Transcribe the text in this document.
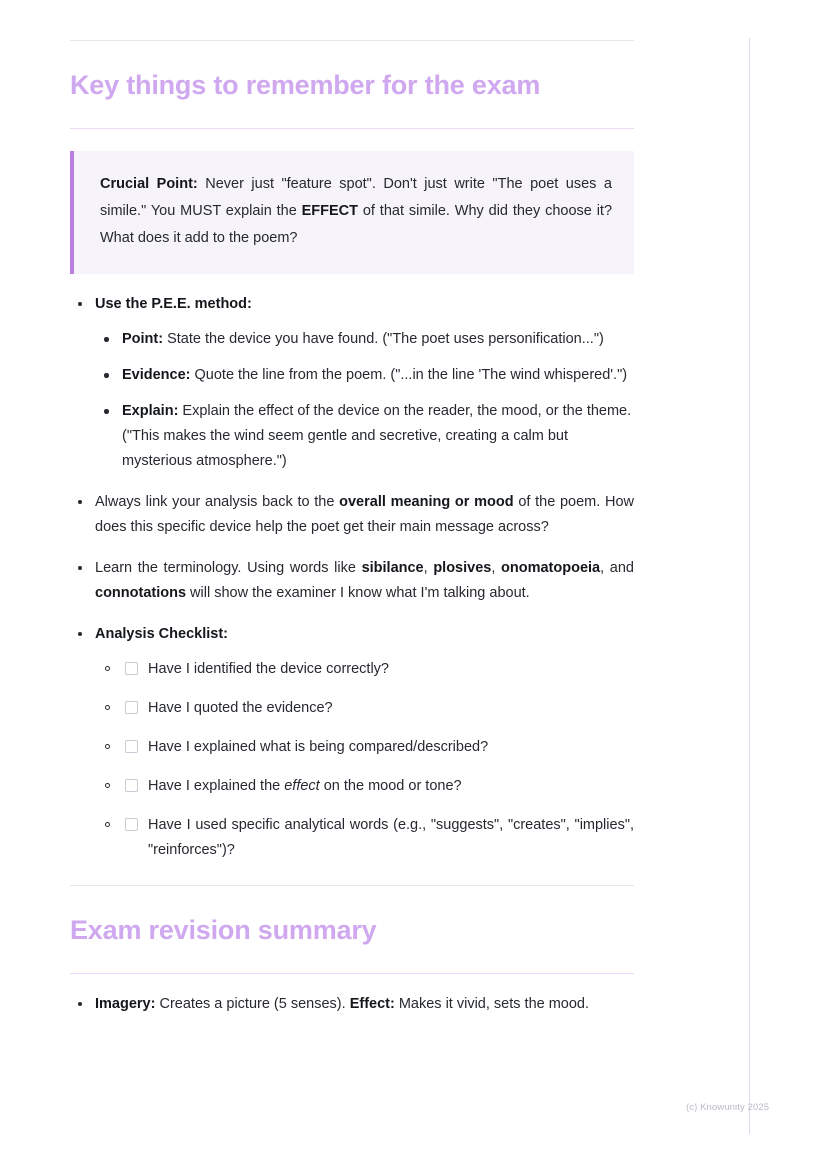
Key things to remember for the exam

Crucial Point: Never just "feature spot". Don't just write "The poet uses a simile." You MUST explain the EFFECT of that simile. Why did they choose it? What does it add to the poem?

Use the P.E.E. method:
Point: State the device you have found. ("The poet uses personification...")
Evidence: Quote the line from the poem. ("...in the line 'The wind whispered'.")
Explain: Explain the effect of the device on the reader, the mood, or the theme. ("This makes the wind seem gentle and secretive, creating a calm but mysterious atmosphere.")
Always link your analysis back to the overall meaning or mood of the poem. How does this specific device help the poet get their main message across?
Learn the terminology. Using words like sibilance, plosives, onomatopoeia, and connotations will show the examiner I know what I'm talking about.
Analysis Checklist:
Have I identified the device correctly?
Have I quoted the evidence?
Have I explained what is being compared/described?
Have I explained the effect on the mood or tone?
Have I used specific analytical words (e.g., "suggests", "creates", "implies", "reinforces")?
Exam revision summary
Imagery: Creates a picture (5 senses). Effect: Makes it vivid, sets the mood.
(c) Knowunity 2025
